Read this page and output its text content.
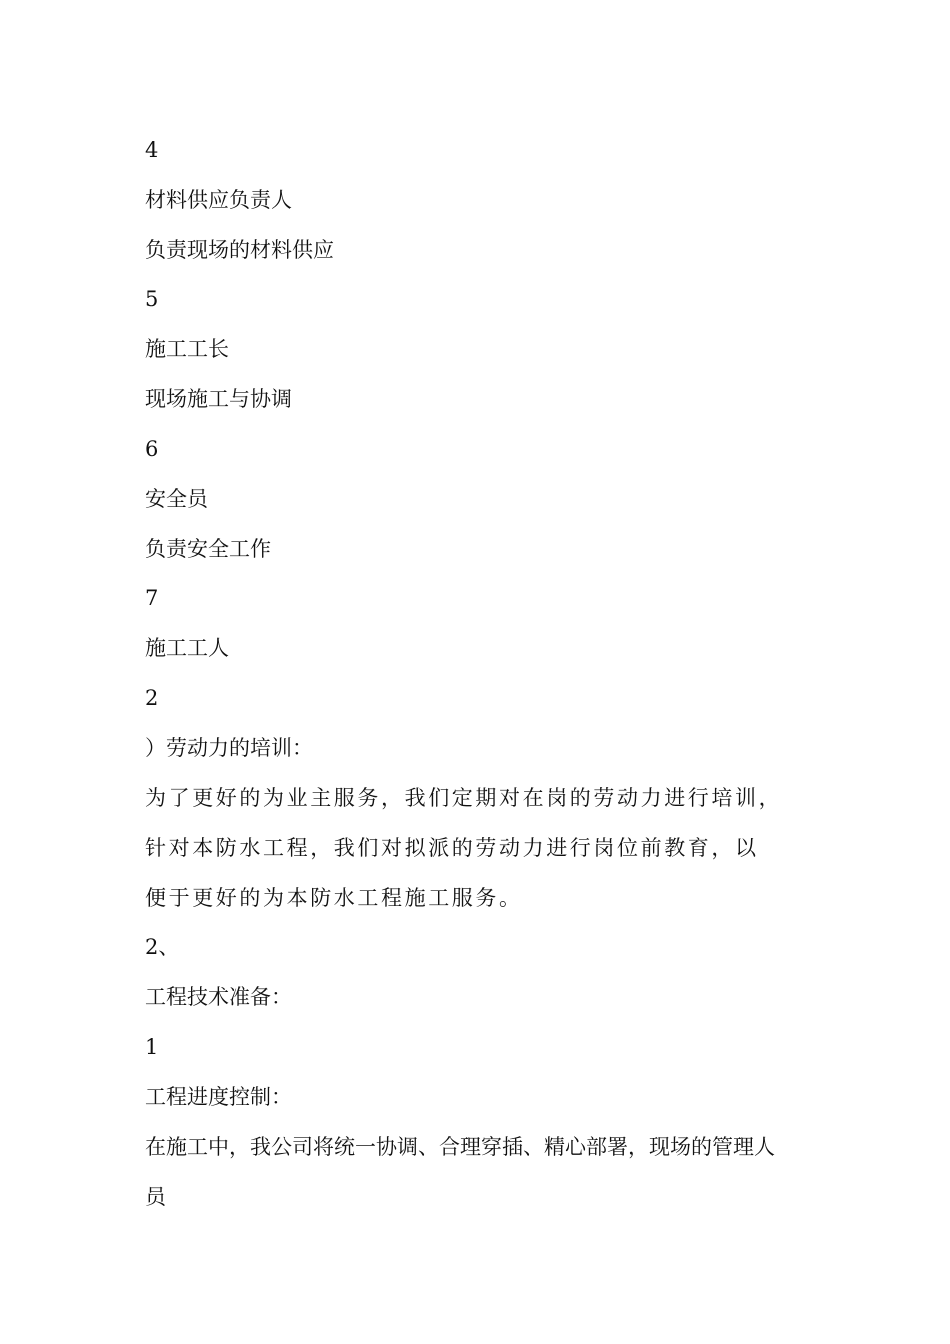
4
材料供应负责人
负责现场的材料供应
5
施工工长
现场施工与协调
6
安全员
负责安全工作
7
施工工人
2
）劳动力的培训：
为了更好的为业主服务，我们定期对在岗的劳动力进行培训，
针对本防水工程，我们对拟派的劳动力进行岗位前教育，以
便于更好的为本防水工程施工服务。
2、
工程技术准备：
1
工程进度控制：
在施工中，我公司将统一协调、合理穿插、精心部署，现场的管理人
员
